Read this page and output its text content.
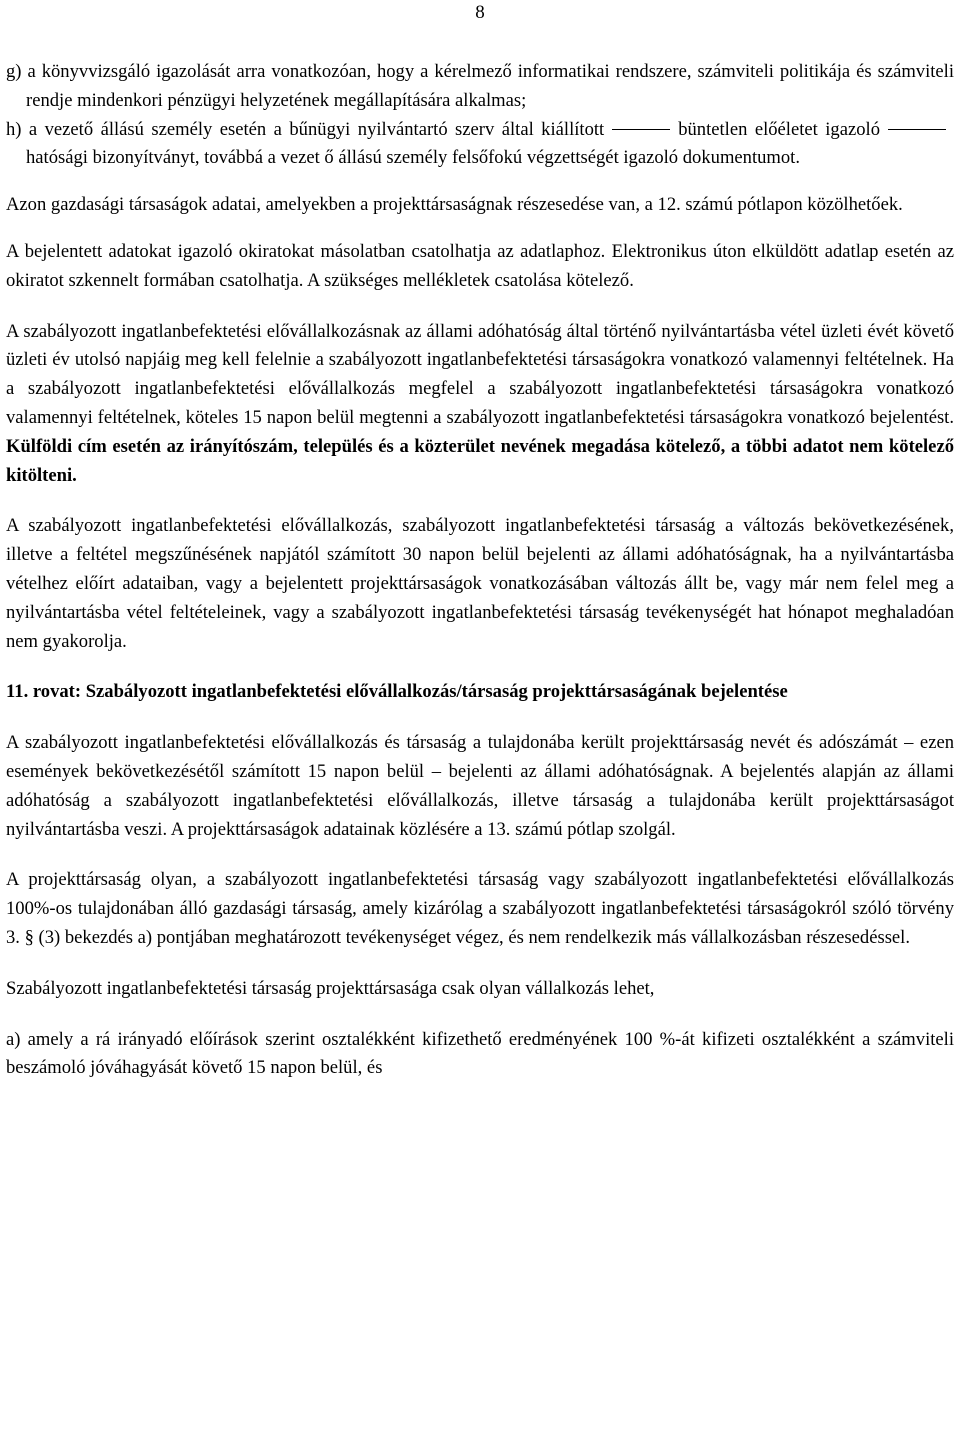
8

g) a könyvvizsgáló igazolását arra vonatkozóan, hogy a kérelmező informatikai rendszere, számviteli politikája és számviteli rendje mindenkori pénzügyi helyzetének megállapítására alkalmas;

h) a vezető állású személy esetén a bűnügyi nyilvántartó szerv által kiállított	büntetlen előéletet igazolóhatósági bizonyítványt, továbbá a vezet ő állású személy felsőfokú végzettségét igazoló dokumentumot.

Azon gazdasági társaságok adatai, amelyekben a projekttársaságnak részesedése van, a 12. számú pótlapon közölhetőek.

A bejelentett adatokat igazoló okiratokat másolatban csatolhatja az adatlaphoz. Elektronikus úton elküldött adatlap esetén az okiratot szkennelt formában csatolhatja. A szükséges mellékletek csatolása kötelező.

A szabályozott ingatlanbefektetési elővállalkozásnak az állami adóhatóság által történő nyilvántartásba vétel üzleti évét követő üzleti év utolsó napjáig meg kell felelnie a szabályozott ingatlanbefektetési társaságokra vonatkozó valamennyi feltételnek. Ha a szabályozott ingatlanbefektetési elővállalkozás megfelel a szabályozott ingatlanbefektetési társaságokra vonatkozó valamennyi feltételnek, köteles 15 napon belül megtenni a szabályozott ingatlanbefektetési társaságokra vonatkozó bejelentést. Külföldi cím esetén az irányítószám, település és a közterület nevének megadása kötelező, a többi adatot nem kötelező kitölteni.

A szabályozott ingatlanbefektetési elővállalkozás, szabályozott ingatlanbefektetési társaság a változás bekövetkezésének, illetve a feltétel megszűnésének napjától számított 30 napon belül bejelenti az állami adóhatóságnak, ha a nyilvántartásba vételhez előírt adataiban, vagy a bejelentett projekttársaságok vonatkozásában változás állt be, vagy már nem felel meg a nyilvántartásba vétel feltételeinek, vagy a szabályozott ingatlanbefektetési társaság tevékenységét hat hónapot meghaladóan nem gyakorolja.

11. rovat: Szabályozott ingatlanbefektetési elővállalkozás/társaság projekttársaságának bejelentése

A szabályozott ingatlanbefektetési elővállalkozás és társaság a tulajdonába került projekttársaság nevét és adószámát – ezen események bekövetkezésétől számított 15 napon belül – bejelenti az állami adóhatóságnak. A bejelentés alapján az állami adóhatóság a szabályozott ingatlanbefektetési elővállalkozás, illetve társaság a tulajdonába került projekttársaságot nyilvántartásba veszi. A projekttársaságok adatainak közlésére a 13. számú pótlap szolgál.

A projekttársaság olyan, a szabályozott ingatlanbefektetési társaság vagy szabályozott ingatlanbefektetési elővállalkozás 100%-os tulajdonában álló gazdasági társaság, amely kizárólag a szabályozott ingatlanbefektetési társaságokról szóló törvény 3. § (3) bekezdés a) pontjában meghatározott tevékenységet végez, és nem rendelkezik más vállalkozásban részesedéssel.

Szabályozott ingatlanbefektetési társaság projekttársasága csak olyan vállalkozás lehet,

a) amely a rá irányadó előírások szerint osztalékként kifizethető eredményének 100 %-át kifizeti osztalékként a számviteli beszámoló jóváhagyását követő 15 napon belül, és
